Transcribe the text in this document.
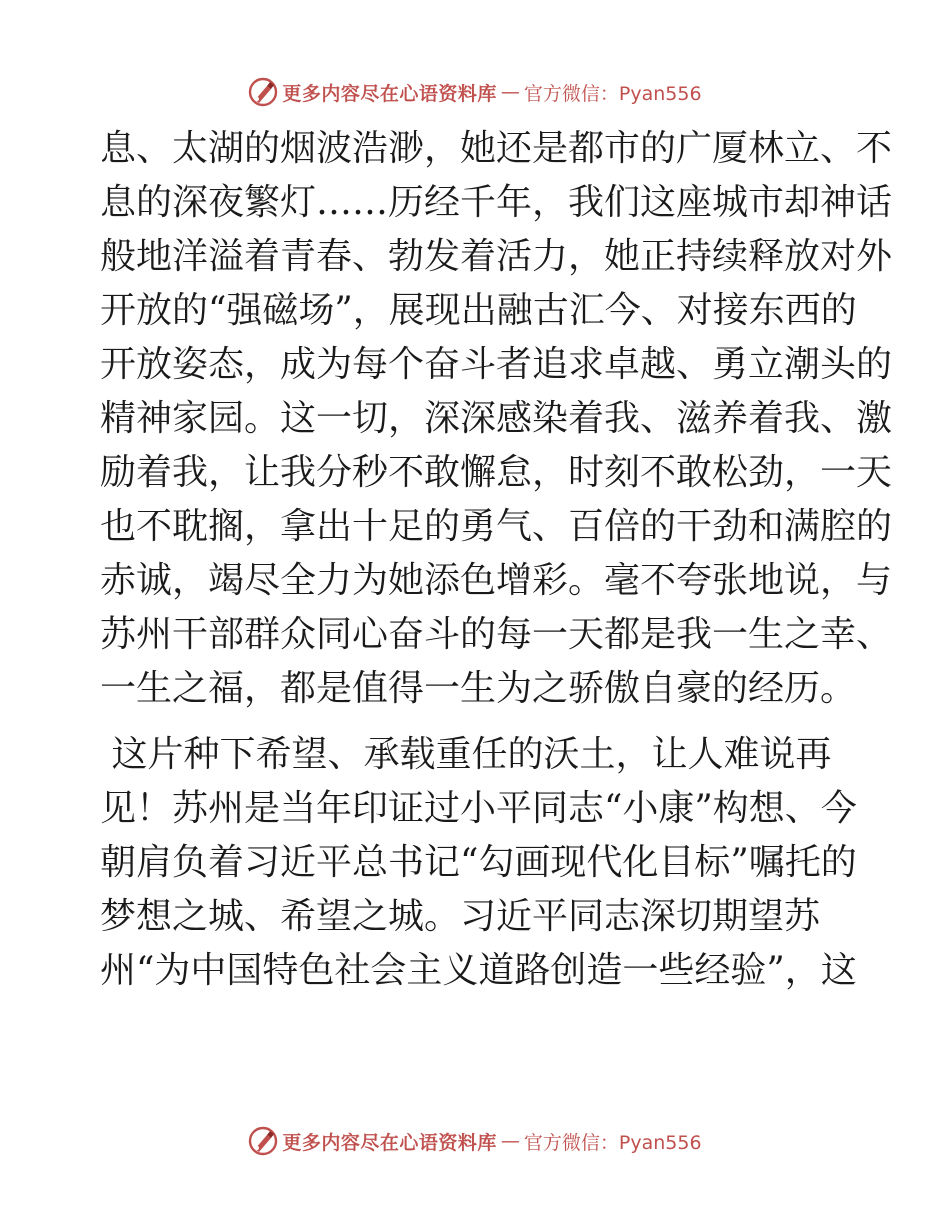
更多内容尽在心语资料库 — 官方微信：Pyan556
息、太湖的烟波浩渺，她还是都市的广厦林立、不
息的深夜繁灯……历经千年，我们这座城市却神话
般地洋溢着青春、勃发着活力，她正持续释放对外
开放的“强磁场”，展现出融古汇今、对接东西的
开放姿态，成为每个奋斗者追求卓越、勇立潮头的
精神家园。这一切，深深感染着我、滋养着我、激
励着我，让我分秒不敢懈怠，时刻不敢松劲，一天
也不耽搁，拿出十足的勇气、百倍的干劲和满腔的
赤诚，竭尽全力为她添色增彩。毫不夸张地说，与
苏州干部群众同心奋斗的每一天都是我一生之幸、
一生之福，都是值得一生为之骄傲自豪的经历。
这片种下希望、承载重任的沃土，让人难说再
见！苏州是当年印证过小平同志“小康”构想、今
朝肩负着习近平总书记“勾画现代化目标”嘱托的
梦想之城、希望之城。习近平同志深切期望苏
州“为中国特色社会主义道路创造一些经验”，这
更多内容尽在心语资料库 — 官方微信：Pyan556
